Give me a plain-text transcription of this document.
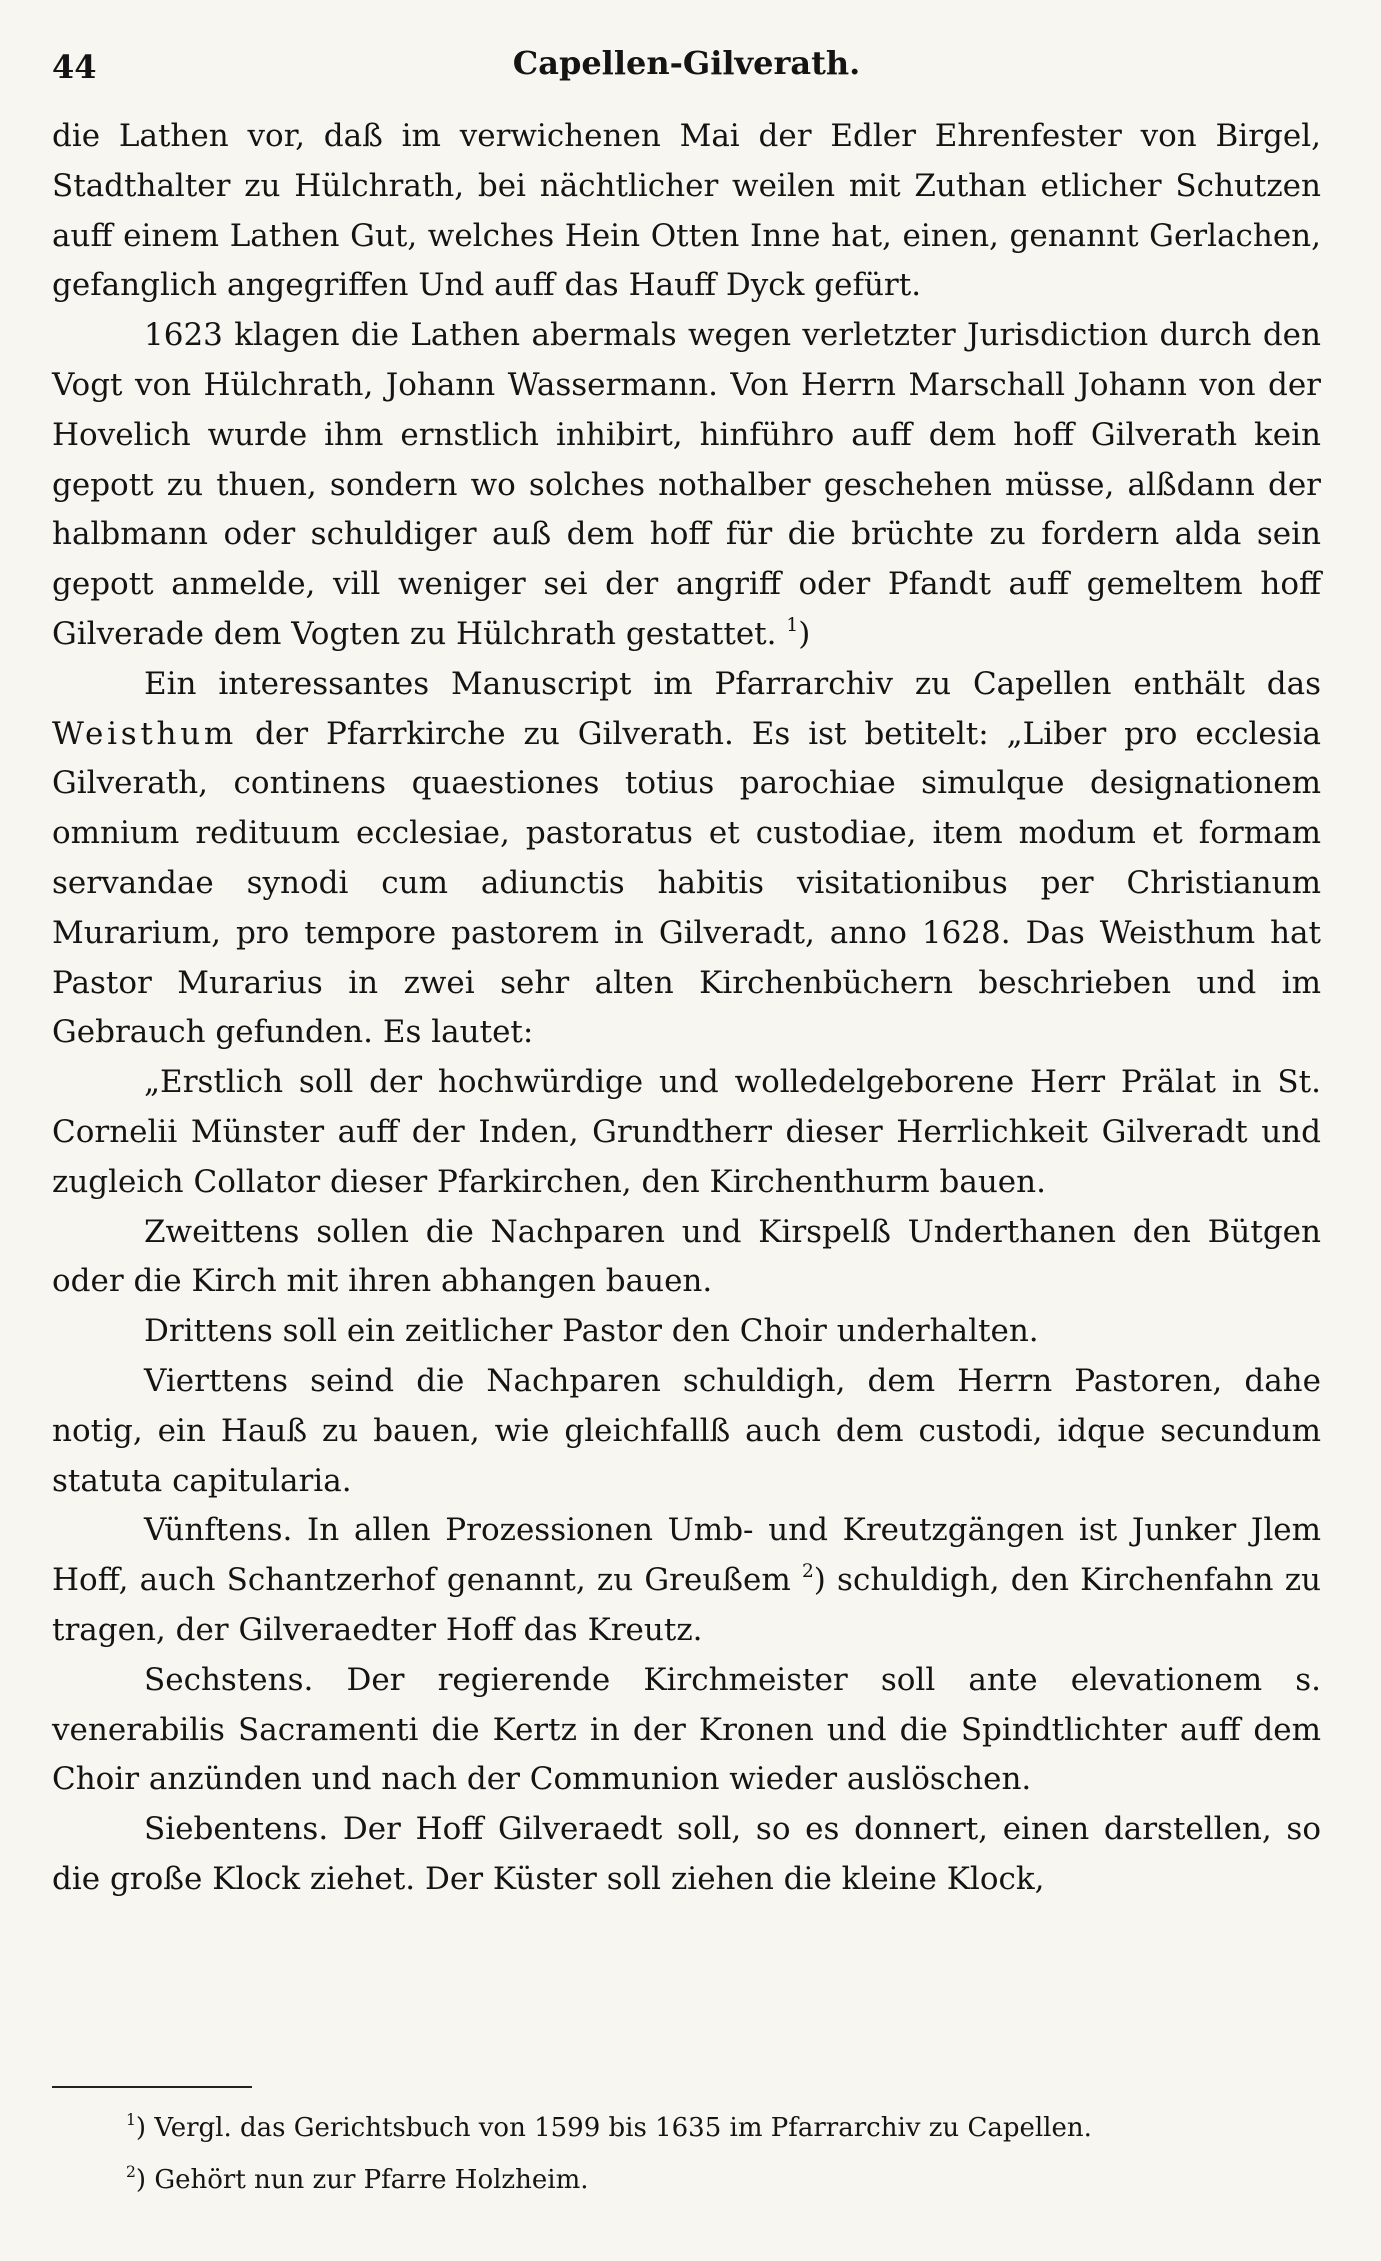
44	Capellen-Gilverath.

die Lathen vor, daß im verwichenen Mai der Edler Ehrenfester von Birgel, Stadthalter zu Hülchrath, bei nächtlicher weilen mit Zuthan etlicher Schutzen auff einem Lathen Gut, welches Hein Otten Inne hat, einen, genannt Gerlachen, gefanglich angegriffen Und auff das Hauff Dyck gefürt.

1623 klagen die Lathen abermals wegen verletzter Jurisdiction durch den Vogt von Hülchrath, Johann Wassermann. Von Herrn Marschall Johann von der Hovelich wurde ihm ernstlich inhibirt, hinführo auff dem hoff Gilverath kein gepott zu thuen, sondern wo solches nothalber geschehen müsse, alßdann der halbmann oder schuldiger auß dem hoff für die brüchte zu fordern alda sein gepott anmelde, vill weniger sei der angriff oder Pfandt auff gemeltem hoff Gilverade dem Vogten zu Hülchrath gestattet. $^1$)

Ein interessantes Manuscript im Pfarrarchiv zu Capellen enthält das Weisthum der Pfarrkirche zu Gilverath. Es ist betitelt: „Liber pro ecclesia Gilverath, continens quaestiones totius parochiae simulque designationem omnium redituum ecclesiae, pastoratus et custodiae, item modum et formam servandae synodi cum adiunctis habitis visitationibus per Christianum Murarium, pro tempore pastorem in Gilveradt, anno 1628. Das Weisthum hat Pastor Murarius in zwei sehr alten Kirchenbüchern beschrieben und im Gebrauch gefunden. Es lautet:

„Erstlich soll der hochwürdige und wolledelgeborene Herr Prälat in St. Cornelii Münster auff der Inden, Grundtherr dieser Herrlichkeit Gilveradt und zugleich Collator dieser Pfarkirchen, den Kirchenthurm bauen.

Zweittens sollen die Nachparen und Kirspelß Underthanen den Bütgen oder die Kirch mit ihren abhangen bauen.

Drittens soll ein zeitlicher Pastor den Choir underhalten.

Vierttens seind die Nachparen schuldigh, dem Herrn Pastoren, dahe notig, ein Hauß zu bauen, wie gleichfallß auch dem custodi, idque secundum statuta capitularia.

Vünftens. In allen Prozessionen Umb- und Kreutzgängen ist Junker Jlem Hoff, auch Schantzerhof genannt, zu Greußem $^2$) schuldigh, den Kirchenfahn zu tragen, der Gilveraedter Hoff das Kreutz.

Sechstens. Der regierende Kirchmeister soll ante elevationem s. venerabilis Sacramenti die Kertz in der Kronen und die Spindtlichter auff dem Choir anzünden und nach der Communion wieder auslöschen.

Siebentens. Der Hoff Gilveraedt soll, so es donnert, einen darstellen, so die große Klock ziehet. Der Küster soll ziehen die kleine Klock,

$^1$) Vergl. das Gerichtsbuch von 1599 bis 1635 im Pfarrarchiv zu Capellen.

$^2$) Gehört nun zur Pfarre Holzheim.
